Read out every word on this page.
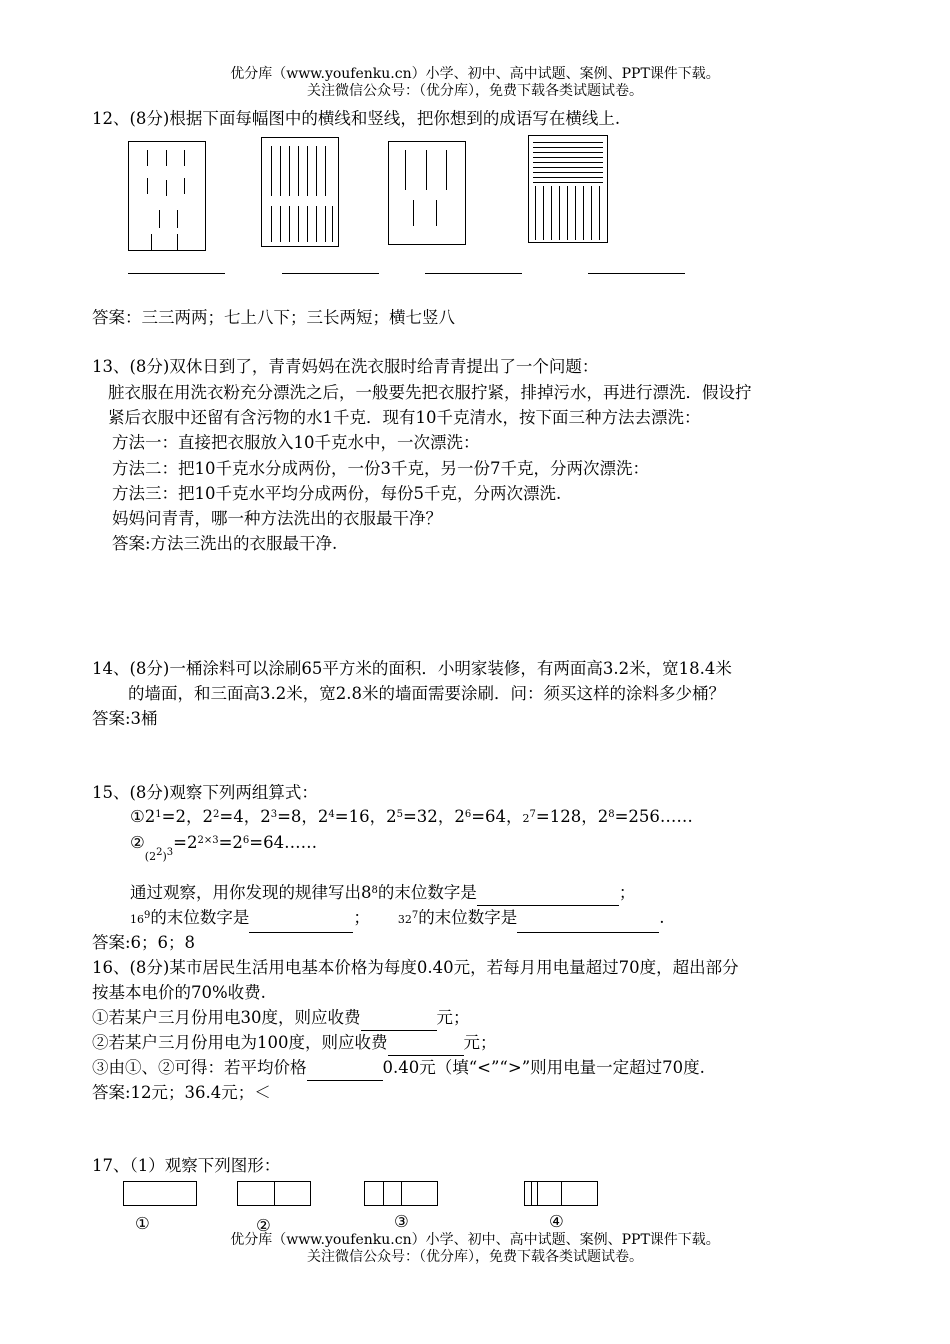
优分库（www.youfenku.cn）小学、初中、高中试题、案例、PPT课件下载。
关注微信公众号：（优分库），免费下载各类试题试卷。
12、(8分)根据下面每幅图中的横线和竖线，把你想到的成语写在横线上.
答案：三三两两；七上八下；三长两短；横七竖八
13、(8分)双休日到了，青青妈妈在洗衣服时给青青提出了一个问题：
脏衣服在用洗衣粉充分漂洗之后，一般要先把衣服拧紧，排掉污水，再进行漂洗．假设拧
紧后衣服中还留有含污物的水1千克．现有10千克清水，按下面三种方法去漂洗：
方法一：直接把衣服放入10千克水中，一次漂洗：
方法二：把10千克水分成两份，一份3千克，另一份7千克，分两次漂洗：
方法三：把10千克水平均分成两份，每份5千克，分两次漂洗.
妈妈问青青，哪一种方法洗出的衣服最干净？
答案:方法三洗出的衣服最干净.
14、(8分)一桶涂料可以涂刷65平方米的面积．小明家装修，有两面高3.2米，宽18.4米
的墙面，和三面高3.2米，宽2.8米的墙面需要涂刷．问：须买这样的涂料多少桶？
答案:3桶
15、(8分)观察下列两组算式：
$①2^1=2$，$2^2=4$，$2^3=8$，$2^4=16$，$2^5=32$，$2^6=64$，$2^7=128$，$2^8=256\dots\dots$
$②_{(2^2)^3}=2^{2\times 3}=2^6=64\dots\dots$
通过观察，用你发现的规律写出$8^8$的末位数字是	；
$16^9$的末位数字是	；	$32^7$的末位数字是	.
答案:6；6；8
16、(8分)某市居民生活用电基本价格为每度0.40元，若每月用电量超过70度，超出部分
按基本电价的70%收费.
①若某户三月份用电30度，则应收费	元；
②若某户三月份用电为100度，则应收费	元；
③由①、②可得：若平均价格	0.40元（填“<”“>”则用电量一定超过70度.
答案:12元；36.4元；＜
17、（1）观察下列图形：
①	②	③	④
优分库（www.youfenku.cn）小学、初中、高中试题、案例、PPT课件下载。
关注微信公众号：（优分库），免费下载各类试题试卷。
